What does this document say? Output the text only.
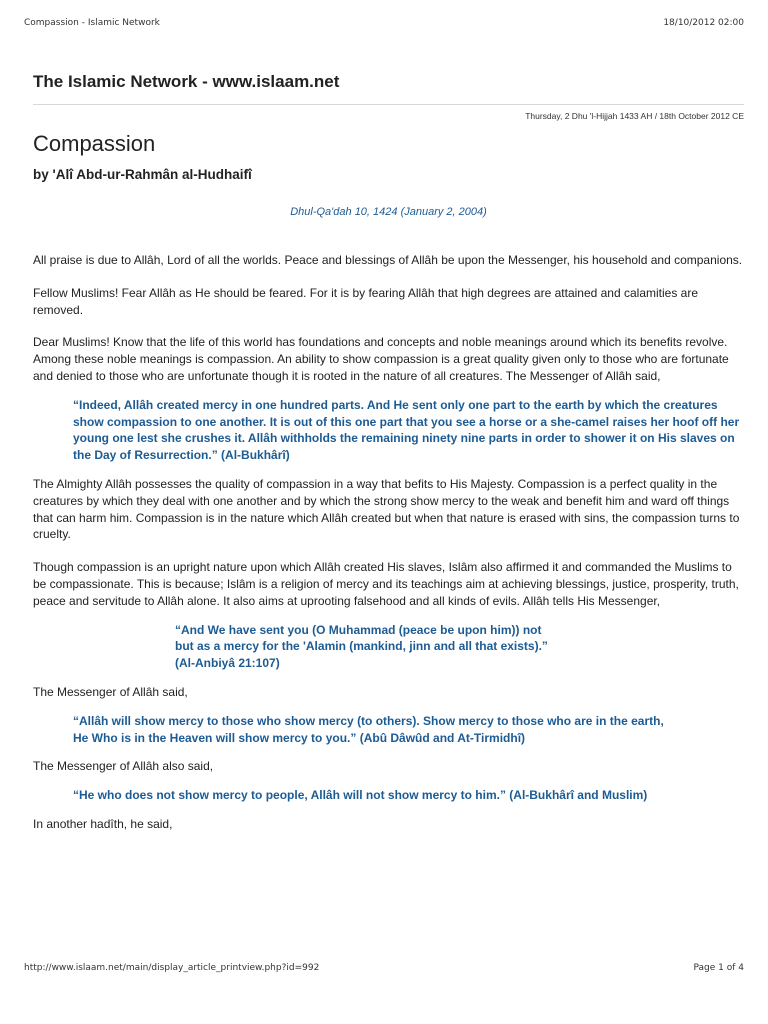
Compassion - Islamic Network	18/10/2012 02:00
The Islamic Network - www.islaam.net
Thursday, 2 Dhu 'l-Hijjah 1433 AH / 18th October 2012 CE
Compassion
by 'Alî Abd-ur-Rahmân al-Hudhaifî
Dhul-Qa'dah 10, 1424 (January 2, 2004)

All praise is due to Allâh, Lord of all the worlds. Peace and blessings of Allâh be upon the Messenger, his household and companions.

Fellow Muslims! Fear Allâh as He should be feared. For it is by fearing Allâh that high degrees are attained and calamities are removed.

Dear Muslims! Know that the life of this world has foundations and concepts and noble meanings around which its benefits revolve. Among these noble meanings is compassion. An ability to show compassion is a great quality given only to those who are fortunate and denied to those who are unfortunate though it is rooted in the nature of all creatures. The Messenger of Allâh said,

“Indeed, Allâh created mercy in one hundred parts. And He sent only one part to the earth by which the creatures show compassion to one another. It is out of this one part that you see a horse or a she-camel raises her hoof off her young one lest she crushes it. Allâh withholds the remaining ninety nine parts in order to shower it on His slaves on the Day of Resurrection.” (Al-Bukhârî)

The Almighty Allâh possesses the quality of compassion in a way that befits to His Majesty. Compassion is a perfect quality in the creatures by which they deal with one another and by which the strong show mercy to the weak and benefit him and ward off things that can harm him. Compassion is in the nature which Allâh created but when that nature is erased with sins, the compassion turns to cruelty.

Though compassion is an upright nature upon which Allâh created His slaves, Islâm also affirmed it and commanded the Muslims to be compassionate. This is because; Islâm is a religion of mercy and its teachings aim at achieving blessings, justice, prosperity, truth, peace and servitude to Allâh alone. It also aims at uprooting falsehood and all kinds of evils. Allâh tells His Messenger,

“And We have sent you (O Muhammad (peace be upon him)) not
but as a mercy for the 'Alamin (mankind, jinn and all that exists).”
(Al-Anbiyâ 21:107)

The Messenger of Allâh said,

“Allâh will show mercy to those who show mercy (to others). Show mercy to those who are in the earth,
He Who is in the Heaven will show mercy to you.” (Abû Dâwûd and At-Tirmidhî)

The Messenger of Allâh also said,

“He who does not show mercy to people, Allâh will not show mercy to him.” (Al-Bukhârî and Muslim)

In another hadîth, he said,

http://www.islaam.net/main/display_article_printview.php?id=992	Page 1 of 4
